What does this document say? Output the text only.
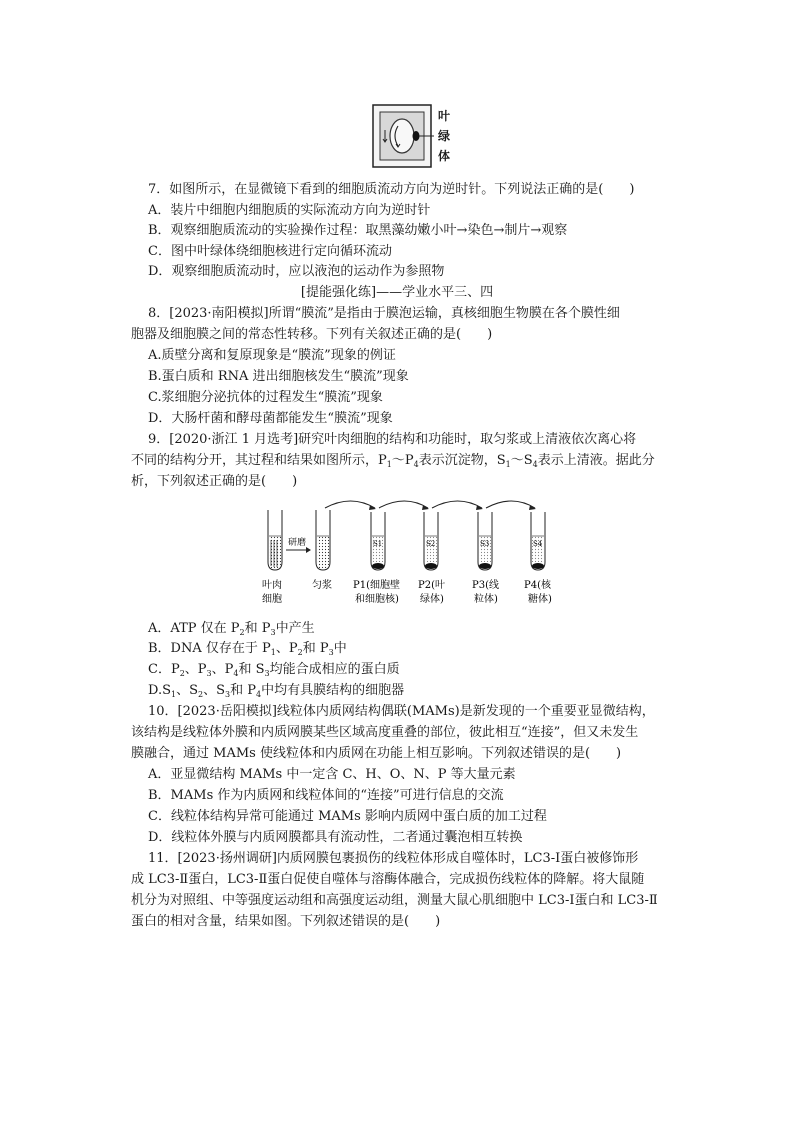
叶
绿
体
7．如图所示，在显微镜下看到的细胞质流动方向为逆时针。下列说法正确的是(　　)
A．装片中细胞内细胞质的实际流动方向为逆时针
B．观察细胞质流动的实验操作过程：取黑藻幼嫩小叶→染色→制片→观察
C．图中叶绿体绕细胞核进行定向循环流动
D．观察细胞质流动时，应以液泡的运动作为参照物
[提能强化练]——学业水平三、四
8．[2023·南阳模拟]所谓“膜流”是指由于膜泡运输，真核细胞生物膜在各个膜性细
胞器及细胞膜之间的常态性转移。下列有关叙述正确的是(　　)
A.质壁分离和复原现象是“膜流”现象的例证
B.蛋白质和 RNA 进出细胞核发生“膜流”现象
C.浆细胞分泌抗体的过程发生“膜流”现象
D．大肠杆菌和酵母菌都能发生“膜流”现象
9．[2020·浙江 1 月选考]研究叶肉细胞的结构和功能时，取匀浆或上清液依次离心将
不同的结构分开，其过程和结果如图所示，$P_1\sim P_4$表示沉淀物，$S_1\sim S_4$表示上清液。据此分
析，下列叙述正确的是(　　)
研磨	S1	S2	S3	S4
叶肉
细胞
匀浆 P1(细胞壁
和细胞核)
P2(叶
绿体)
P3(线
粒体)
P4(核
糖体)
A．ATP 仅在 $P_2$和 $P_3$中产生
B．DNA 仅存在于 $P_1$、$P_2$和 $P_3$中
C．$P_2$、$P_3$、$P_4$和 $S_3$均能合成相应的蛋白质
$D.S_1$、$S_2$、$S_3$和 $P_4$中均有具膜结构的细胞器
10．[2023·岳阳模拟]线粒体内质网结构偶联(MAMs)是新发现的一个重要亚显微结构，
该结构是线粒体外膜和内质网膜某些区域高度重叠的部位，彼此相互“连接”，但又未发生
膜融合，通过 MAMs 使线粒体和内质网在功能上相互影响。下列叙述错误的是(　　)
A．亚显微结构 MAMs 中一定含 C、H、O、N、P 等大量元素
B．MAMs 作为内质网和线粒体间的“连接”可进行信息的交流
C．线粒体结构异常可能通过 MAMs 影响内质网中蛋白质的加工过程
D．线粒体外膜与内质网膜都具有流动性，二者通过囊泡相互转换
11．[2023·扬州调研]内质网膜包裹损伤的线粒体形成自噬体时，LC3-Ⅰ蛋白被修饰形
成 LC3-Ⅱ蛋白，LC3-Ⅱ蛋白促使自噬体与溶酶体融合，完成损伤线粒体的降解。将大鼠随
机分为对照组、中等强度运动组和高强度运动组，测量大鼠心肌细胞中 LC3-Ⅰ蛋白和 LC3-Ⅱ
蛋白的相对含量，结果如图。下列叙述错误的是(　　)
